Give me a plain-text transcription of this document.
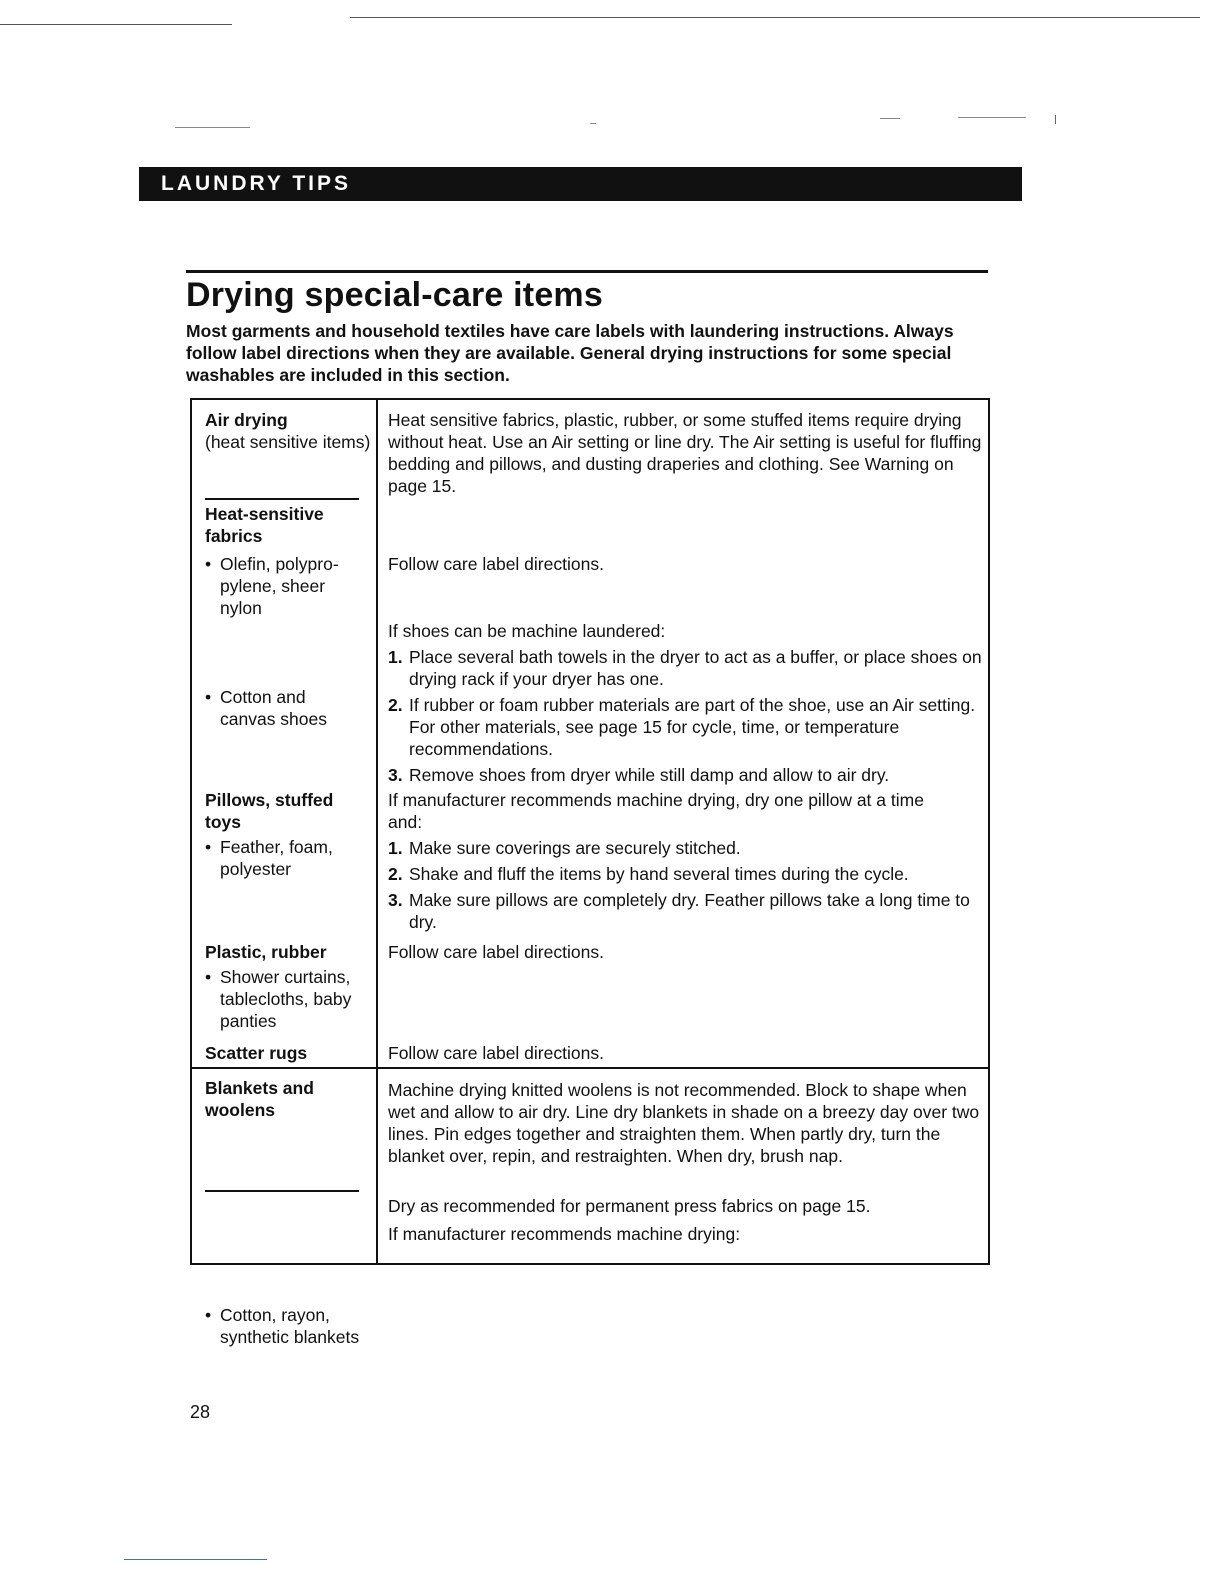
LAUNDRY TIPS
Drying special-care items
Most garments and household textiles have care labels with laundering instructions. Always follow label directions when they are available. General drying instructions for some special washables are included in this section.
Air drying
(heat sensitive items)
Heat sensitive fabrics, plastic, rubber, or some stuffed items require drying without heat. Use an Air setting or line dry. The Air setting is useful for fluffing bedding and pillows, and dusting draperies and clothing. See Warning on page 15.
Heat-sensitive fabrics
• Olefin, polypro-pylene, sheer nylon
Follow care label directions.
• Cotton and canvas shoes
If shoes can be machine laundered:
1. Place several bath towels in the dryer to act as a buffer, or place shoes on drying rack if your dryer has one.
2. If rubber or foam rubber materials are part of the shoe, use an Air setting. For other materials, see page 15 for cycle, time, or temperature recommendations.
3. Remove shoes from dryer while still damp and allow to air dry.
Pillows, stuffed toys
• Feather, foam, polyester
If manufacturer recommends machine drying, dry one pillow at a time and:
1. Make sure coverings are securely stitched.
2. Shake and fluff the items by hand several times during the cycle.
3. Make sure pillows are completely dry. Feather pillows take a long time to dry.
Plastic, rubber
• Shower curtains, tablecloths, baby panties
Follow care label directions.
Scatter rugs	Follow care label directions.
Blankets and woolens
Machine drying knitted woolens is not recommended. Block to shape when wet and allow to air dry. Line dry blankets in shade on a breezy day over two lines. Pin edges together and straighten them. When partly dry, turn the blanket over, repin, and restraighten. When dry, brush nap.
• Cotton, rayon, synthetic blankets
Dry as recommended for permanent press fabrics on page 15.
If manufacturer recommends machine drying:
28
